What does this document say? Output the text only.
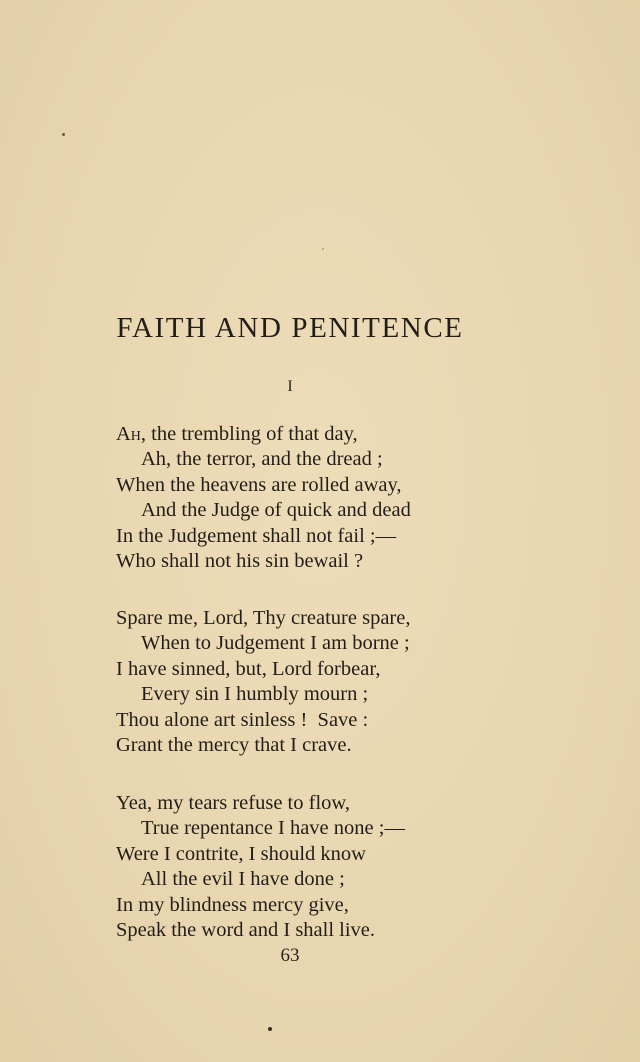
FAITH AND PENITENCE
I
Ah, the trembling of that day,
Ah, the terror, and the dread ;
When the heavens are rolled away,
And the Judge of quick and dead
In the Judgement shall not fail ;—
Who shall not his sin bewail ?
Spare me, Lord, Thy creature spare,
When to Judgement I am borne ;
I have sinned, but, Lord forbear,
Every sin I humbly mourn ;
Thou alone art sinless !  Save :
Grant the mercy that I crave.
Yea, my tears refuse to flow,
True repentance I have none ;—
Were I contrite, I should know
All the evil I have done ;
In my blindness mercy give,
Speak the word and I shall live.
63
